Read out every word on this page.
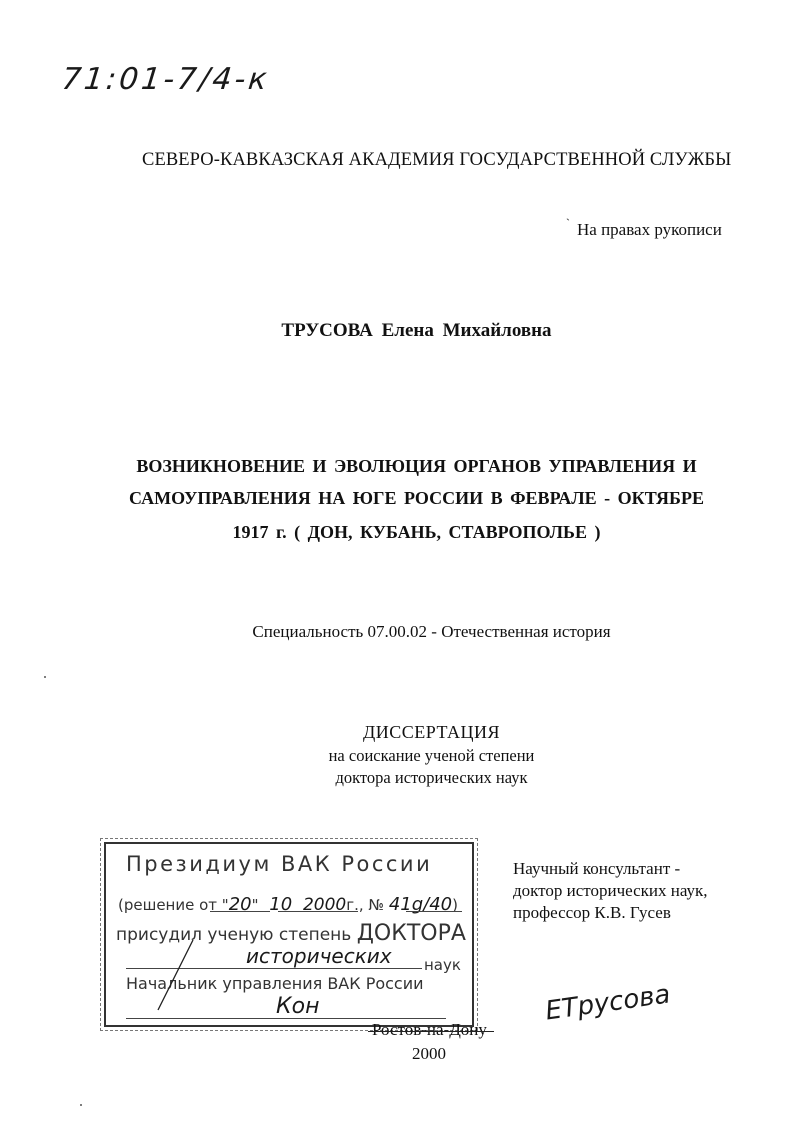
71:01-7/4-к
СЕВЕРО-КАВКАЗСКАЯ АКАДЕМИЯ ГОСУДАРСТВЕННОЙ СЛУЖБЫ
ˋ На правах рукописи
ТРУСОВА Елена Михайловна
ВОЗНИКНОВЕНИЕ И ЭВОЛЮЦИЯ ОРГАНОВ УПРАВЛЕНИЯ И
САМОУПРАВЛЕНИЯ НА ЮГЕ РОССИИ В ФЕВРАЛЕ - ОКТЯБРЕ
1917 г. ( ДОН, КУБАНЬ, СТАВРОПОЛЬЕ )
Специальность 07.00.02 - Отечественная история
ДИССЕРТАЦИЯ
на соискание ученой степени
доктора исторических наук
Президиум ВАК России
(решение от "20" 10 2000г., № 41g/40)
присудил ученую степень ДОКТОРА
исторических наук
Начальник управления ВАК России
Кон
Научный консультант -
доктор исторических наук,
профессор К.В. Гусев
ЕТрусова
Ростов-на-Дону
2000
